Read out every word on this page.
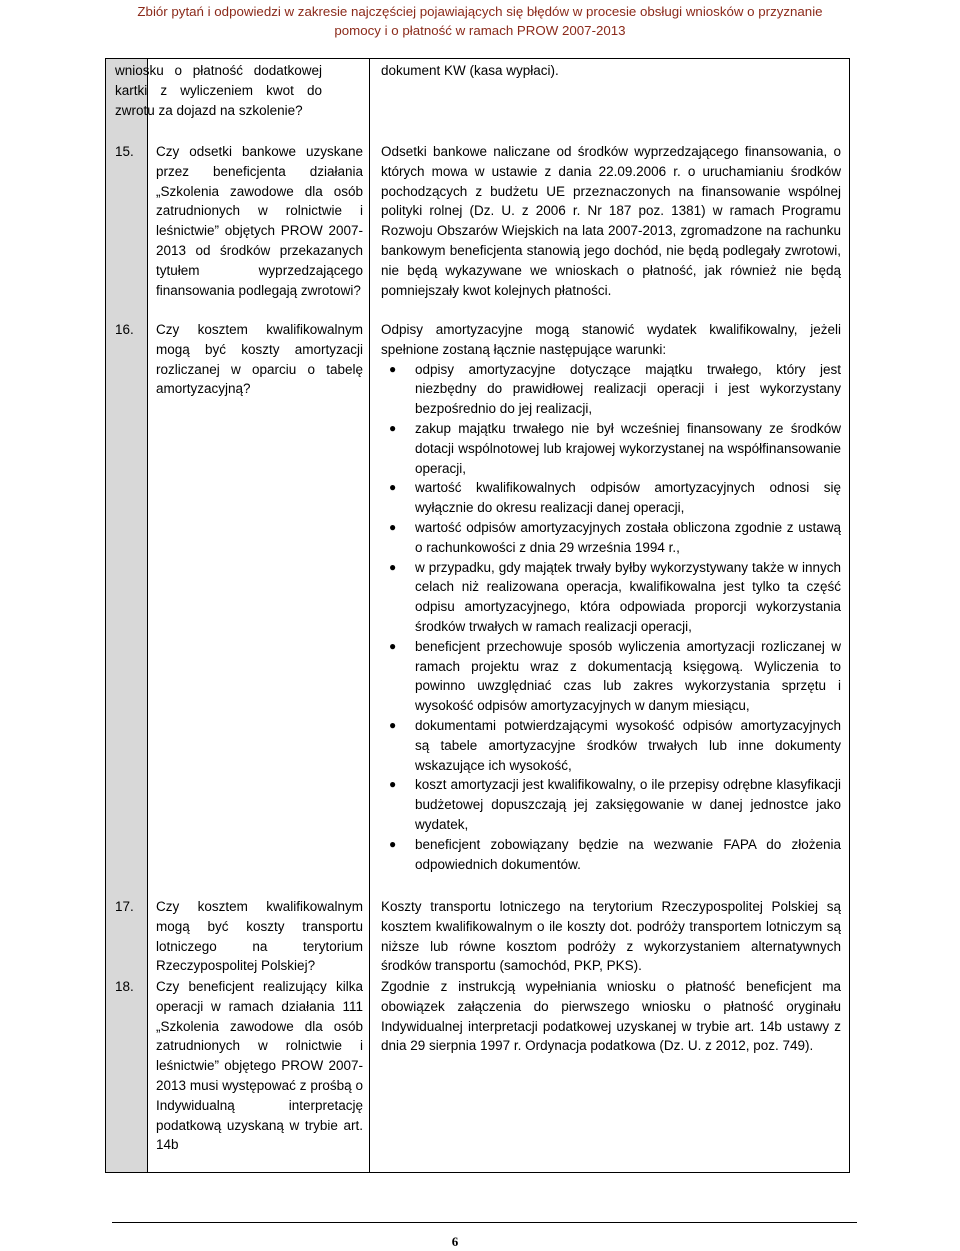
Zbiór pytań i odpowiedzi w zakresie najczęściej pojawiających się błędów w procesie obsługi wniosków o przyznanie
pomocy i o płatność w ramach PROW 2007-2013
wniosku o płatność dodatkowej kartki z wyliczeniem kwot do zwrotu za dojazd na szkolenie?
dokument KW (kasa wypłaci).
15. Czy odsetki bankowe uzyskane przez beneficjenta działania „Szkolenia zawodowe dla osób zatrudnionych w rolnictwie i leśnictwie” objętych PROW 2007-2013 od środków przekazanych tytułem wyprzedzającego finansowania podlegają zwrotowi?
Odsetki bankowe naliczane od środków wyprzedzającego finansowania, o których mowa w ustawie z dania 22.09.2006 r. o uruchamianiu środków pochodzących z budżetu UE przeznaczonych na finansowanie wspólnej polityki rolnej (Dz. U. z 2006 r. Nr 187 poz. 1381) w ramach Programu Rozwoju Obszarów Wiejskich na lata 2007-2013, zgromadzone na rachunku bankowym beneficjenta stanowią jego dochód, nie będą podlegały zwrotowi, nie będą wykazywane we wnioskach o płatność, jak również nie będą pomniejszały kwot kolejnych płatności.
16. Czy kosztem kwalifikowalnym mogą być koszty amortyzacji rozliczanej w oparciu o tabelę amortyzacyjną?

Odpisy amortyzacyjne mogą stanowić wydatek kwalifikowalny, jeżeli spełnione zostaną łącznie następujące warunki:

● odpisy amortyzacyjne dotyczące majątku trwałego, który jest niezbędny do prawidłowej realizacji operacji i jest wykorzystany bezpośrednio do jej realizacji,
● zakup majątku trwałego nie był wcześniej finansowany ze środków dotacji wspólnotowej lub krajowej wykorzystanej na współfinansowanie operacji,
● wartość kwalifikowalnych odpisów amortyzacyjnych odnosi się wyłącznie do okresu realizacji danej operacji,
● wartość odpisów amortyzacyjnych została obliczona zgodnie z ustawą o rachunkowości z dnia 29 września 1994 r.,
● w przypadku, gdy majątek trwały byłby wykorzystywany także w innych celach niż realizowana operacja, kwalifikowalna jest tylko ta część odpisu amortyzacyjnego, która odpowiada proporcji wykorzystania środków trwałych w ramach realizacji operacji,
● beneficjent przechowuje sposób wyliczenia amortyzacji rozliczanej w ramach projektu wraz z dokumentacją księgową. Wyliczenia to powinno uwzględniać czas lub zakres wykorzystania sprzętu i wysokość odpisów amortyzacyjnych w danym miesiącu,
● dokumentami potwierdzającymi wysokość odpisów amortyzacyjnych są tabele amortyzacyjne środków trwałych lub inne dokumenty wskazujące ich wysokość,
● koszt amortyzacji jest kwalifikowalny, o ile przepisy odrębne klasyfikacji budżetowej dopuszczają jej zaksięgowanie w danej jednostce jako wydatek,
● beneficjent zobowiązany będzie na wezwanie FAPA do złożenia odpowiednich dokumentów.
17. Czy kosztem kwalifikowalnym mogą być koszty transportu lotniczego na terytorium Rzeczypospolitej Polskiej?
Koszty transportu lotniczego na terytorium Rzeczypospolitej Polskiej są kosztem kwalifikowalnym o ile koszty dot. podróży transportem lotniczym są niższe lub równe kosztom podróży z wykorzystaniem alternatywnych środków transportu (samochód, PKP, PKS).
18. Czy beneficjent realizujący kilka operacji w ramach działania 111 „Szkolenia zawodowe dla osób zatrudnionych w rolnictwie i leśnictwie” objętego PROW 2007-2013 musi występować z prośbą o Indywidualną interpretację podatkową uzyskaną w trybie art. 14b
Zgodnie z instrukcją wypełniania wniosku o płatność beneficjent ma obowiązek załączenia do pierwszego wniosku o płatność oryginału Indywidualnej interpretacji podatkowej uzyskanej w trybie art. 14b ustawy z dnia 29 sierpnia 1997 r. Ordynacja podatkowa (Dz. U. z 2012, poz. 749).
6
